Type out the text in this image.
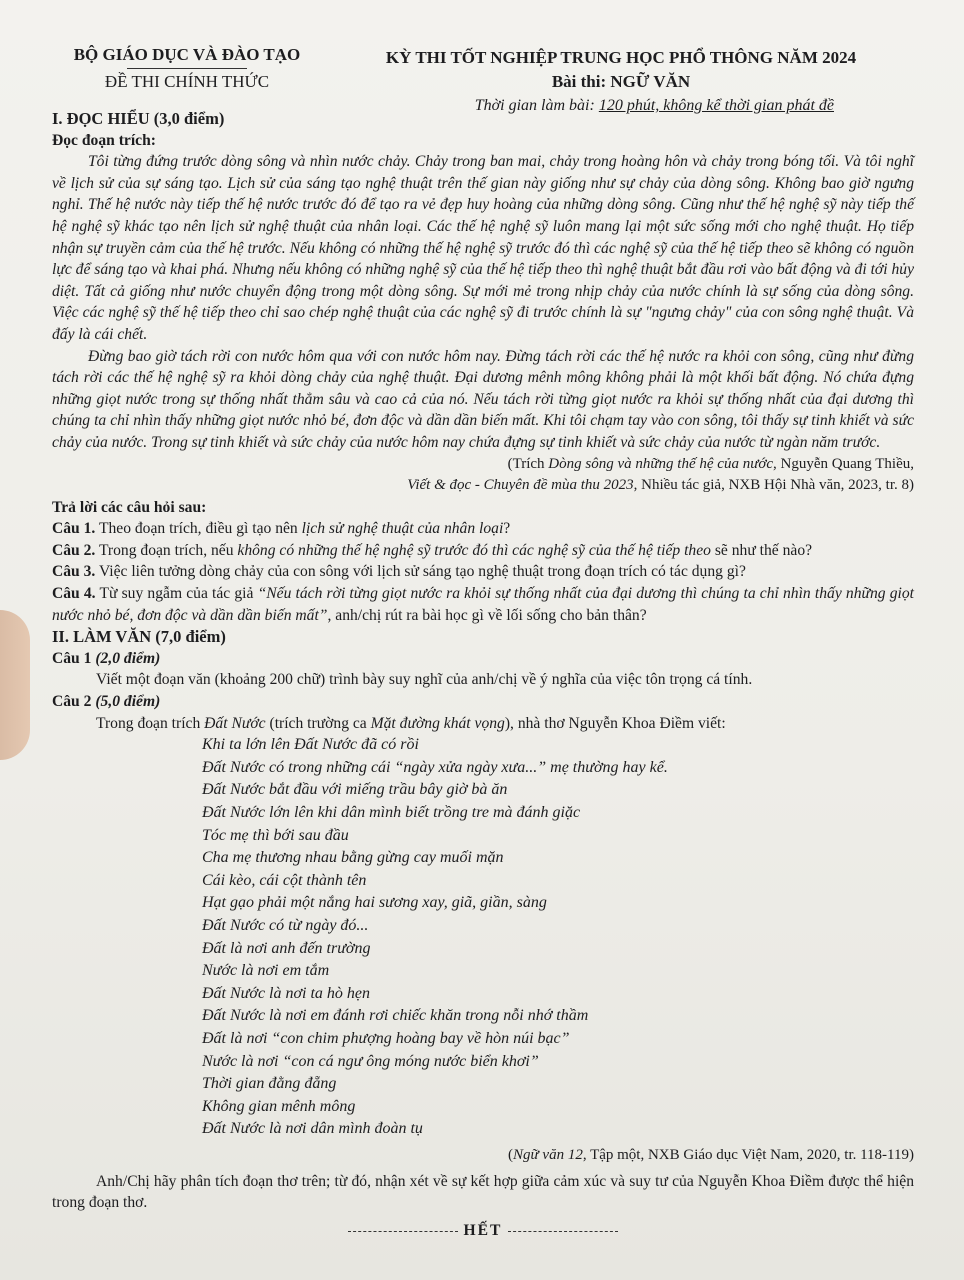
BỘ GIÁO DỤC VÀ ĐÀO TẠO
ĐỀ THI CHÍNH THỨC
KỲ THI TỐT NGHIỆP TRUNG HỌC PHỔ THÔNG NĂM 2024
Bài thi: NGỮ VĂN
Thời gian làm bài: 120 phút, không kể thời gian phát đề
I. ĐỌC HIỂU (3,0 điểm)
Đọc đoạn trích:

Tôi từng đứng trước dòng sông và nhìn nước chảy. Chảy trong ban mai, chảy trong hoàng hôn và chảy trong bóng tối. Và tôi nghĩ về lịch sử của sự sáng tạo. Lịch sử của sáng tạo nghệ thuật trên thế gian này giống như sự chảy của dòng sông. Không bao giờ ngưng nghỉ. Thế hệ nước này tiếp thế hệ nước trước đó để tạo ra vẻ đẹp huy hoàng của những dòng sông. Cũng như thế hệ nghệ sỹ này tiếp thế hệ nghệ sỹ khác tạo nên lịch sử nghệ thuật của nhân loại. Các thế hệ nghệ sỹ luôn mang lại một sức sống mới cho nghệ thuật. Họ tiếp nhận sự truyền cảm của thế hệ trước. Nếu không có những thế hệ nghệ sỹ trước đó thì các nghệ sỹ của thế hệ tiếp theo sẽ không có nguồn lực để sáng tạo và khai phá. Nhưng nếu không có những nghệ sỹ của thế hệ tiếp theo thì nghệ thuật bắt đầu rơi vào bất động và đi tới hủy diệt. Tất cả giống như nước chuyển động trong một dòng sông. Sự mới mẻ trong nhịp chảy của nước chính là sự sống của dòng sông. Việc các nghệ sỹ thế hệ tiếp theo chỉ sao chép nghệ thuật của các nghệ sỹ đi trước chính là sự "ngưng chảy" của con sông nghệ thuật. Và đấy là cái chết.

Đừng bao giờ tách rời con nước hôm qua với con nước hôm nay. Đừng tách rời các thế hệ nước ra khỏi con sông, cũng như đừng tách rời các thế hệ nghệ sỹ ra khỏi dòng chảy của nghệ thuật. Đại dương mênh mông không phải là một khối bất động. Nó chứa đựng những giọt nước trong sự thống nhất thẳm sâu và cao cả của nó. Nếu tách rời từng giọt nước ra khỏi sự thống nhất của đại dương thì chúng ta chỉ nhìn thấy những giọt nước nhỏ bé, đơn độc và dần dần biến mất. Khi tôi chạm tay vào con sông, tôi thấy sự tinh khiết và sức chảy của nước. Trong sự tinh khiết và sức chảy của nước hôm nay chứa đựng sự tinh khiết và sức chảy của nước từ ngàn năm trước.

(Trích Dòng sông và những thế hệ của nước, Nguyễn Quang Thiều,
Viết & đọc - Chuyên đề mùa thu 2023, Nhiều tác giả, NXB Hội Nhà văn, 2023, tr. 8)
Trả lời các câu hỏi sau:

Câu 1. Theo đoạn trích, điều gì tạo nên lịch sử nghệ thuật của nhân loại?

Câu 2. Trong đoạn trích, nếu không có những thế hệ nghệ sỹ trước đó thì các nghệ sỹ của thế hệ tiếp theo sẽ như thế nào?

Câu 3. Việc liên tưởng dòng chảy của con sông với lịch sử sáng tạo nghệ thuật trong đoạn trích có tác dụng gì?

Câu 4. Từ suy ngẫm của tác giả “Nếu tách rời từng giọt nước ra khỏi sự thống nhất của đại dương thì chúng ta chỉ nhìn thấy những giọt nước nhỏ bé, đơn độc và dần dần biến mất”, anh/chị rút ra bài học gì về lối sống cho bản thân?

II. LÀM VĂN (7,0 điểm)
Câu 1 (2,0 điểm)
Viết một đoạn văn (khoảng 200 chữ) trình bày suy nghĩ của anh/chị về ý nghĩa của việc tôn trọng cá tính.
Câu 2 (5,0 điểm)
Trong đoạn trích Đất Nước (trích trường ca Mặt đường khát vọng), nhà thơ Nguyễn Khoa Điềm viết:
Khi ta lớn lên Đất Nước đã có rồi
Đất Nước có trong những cái “ngày xửa ngày xưa...” mẹ thường hay kể.
Đất Nước bắt đầu với miếng trầu bây giờ bà ăn
Đất Nước lớn lên khi dân mình biết trồng tre mà đánh giặc
Tóc mẹ thì bới sau đầu
Cha mẹ thương nhau bằng gừng cay muối mặn
Cái kèo, cái cột thành tên
Hạt gạo phải một nắng hai sương xay, giã, giần, sàng
Đất Nước có từ ngày đó...
Đất là nơi anh đến trường
Nước là nơi em tắm
Đất Nước là nơi ta hò hẹn
Đất Nước là nơi em đánh rơi chiếc khăn trong nỗi nhớ thầm
Đất là nơi “con chim phượng hoàng bay về hòn núi bạc”
Nước là nơi “con cá ngư ông móng nước biển khơi”
Thời gian đằng đẵng
Không gian mênh mông
Đất Nước là nơi dân mình đoàn tụ
(Ngữ văn 12, Tập một, NXB Giáo dục Việt Nam, 2020, tr. 118-119)
Anh/Chị hãy phân tích đoạn thơ trên; từ đó, nhận xét về sự kết hợp giữa cảm xúc và suy tư của Nguyễn Khoa Điềm được thể hiện trong đoạn thơ.
HẾT
